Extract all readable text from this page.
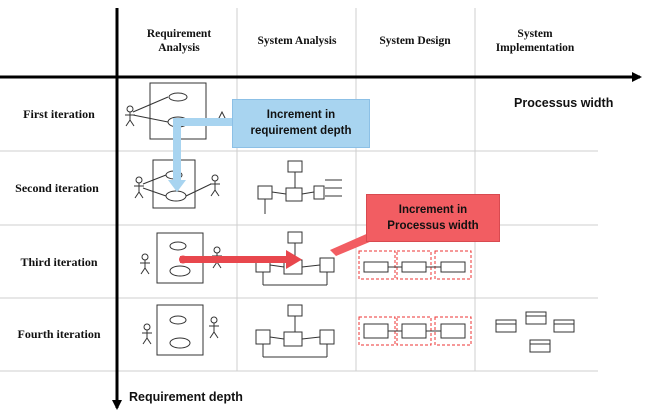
Requirement
Analysis
System Analysis	System Design
System
Implementation
First iteration
Second iteration
Third iteration
Fourth iteration
Processus width
Requirement depth
Increment in
requirement depth
Increment in
Processus width
